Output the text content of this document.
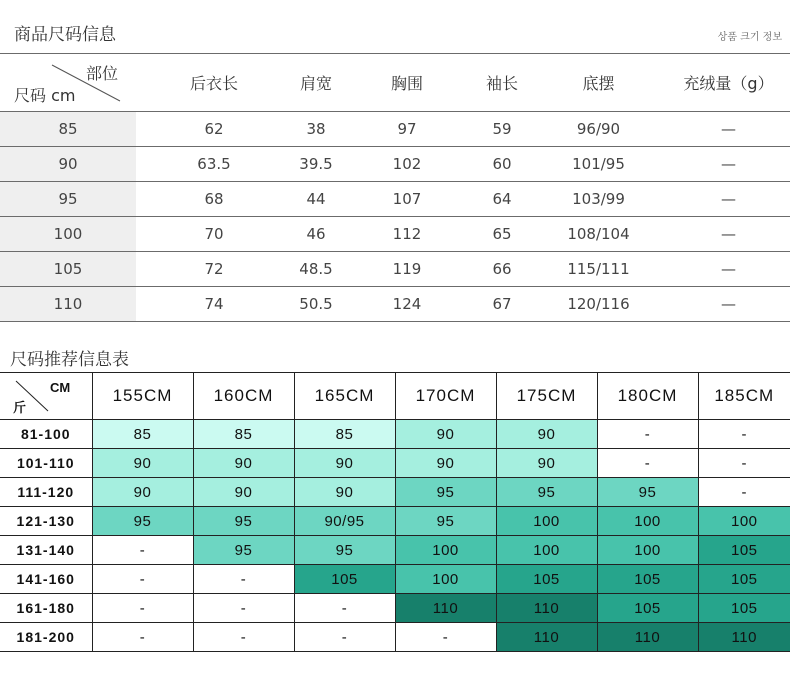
商品尺码信息	상품 크기 정보
部位
尺码 cm	后衣长	肩宽	胸围	袖长	底摆	充绒量（g）
85	62	38	97	59	96/90	—
90	63.5	39.5	102	60	101/95	—
95	68	44	107	64	103/99	—
100	70	46	112	65	108/104	—
105	72	48.5	119	66	115/111	—
110	74	50.5	124	67	120/116	—
尺码推荐信息表
CM
斤	155CM	160CM	165CM	170CM	175CM	180CM	185CM
81-100	85	85	85	90	90	-	-
101-110	90	90	90	90	90	-	-
111-120	90	90	90	95	95	95	-
121-130	95	95	90/95	95	100	100	100
131-140	-	95	95	100	100	100	105
141-160	-	-	105	100	105	105	105
161-180	-	-	-	110	110	105	105
181-200	-	-	-	-	110	110	110
